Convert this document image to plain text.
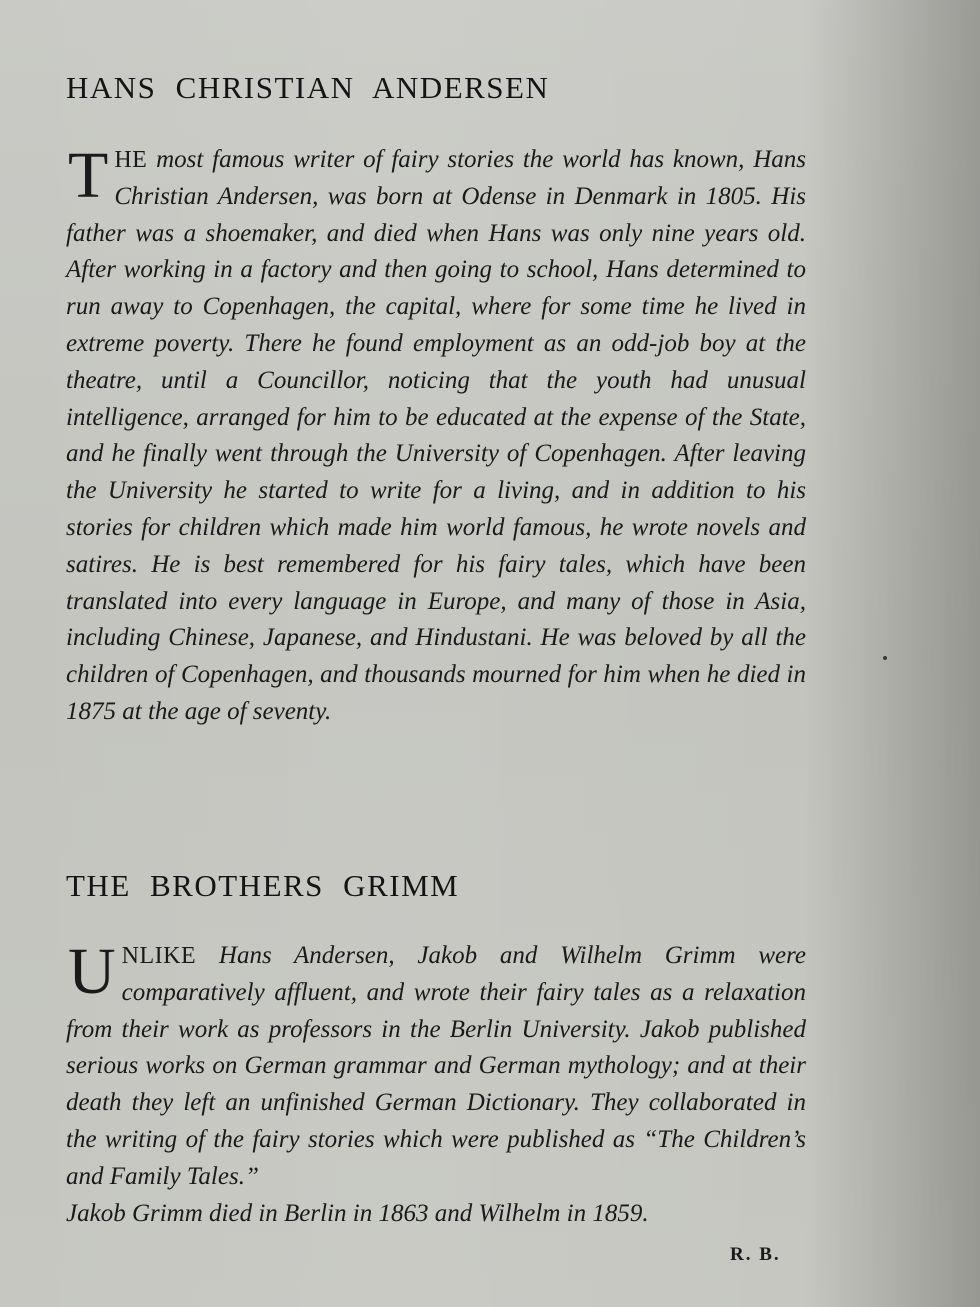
HANS CHRISTIAN ANDERSEN

THE most famous writer of fairy stories the world has known, Hans Christian Andersen, was born at Odense in Denmark in 1805. His father was a shoemaker, and died when Hans was only nine years old. After working in a factory and then going to school, Hans determined to run away to Copenhagen, the capital, where for some time he lived in extreme poverty. There he found employment as an odd-job boy at the theatre, until a Councillor, noticing that the youth had unusual intelligence, arranged for him to be educated at the expense of the State, and he finally went through the University of Copenhagen. After leaving the University he started to write for a living, and in addition to his stories for children which made him world famous, he wrote novels and satires. He is best remembered for his fairy tales, which have been translated into every language in Europe, and many of those in Asia, including Chinese, Japanese, and Hindustani. He was beloved by all the children of Copenhagen, and thousands mourned for him when he died in 1875 at the age of seventy.

THE BROTHERS GRIMM

UNLIKE Hans Andersen, Jakob and Wilhelm Grimm were comparatively affluent, and wrote their fairy tales as a relaxation from their work as professors in the Berlin University. Jakob published serious works on German grammar and German mythology; and at their death they left an unfinished German Dictionary. They collaborated in the writing of the fairy stories which were published as “The Children’s and Family Tales.”
Jakob Grimm died in Berlin in 1863 and Wilhelm in 1859.

R. B.
